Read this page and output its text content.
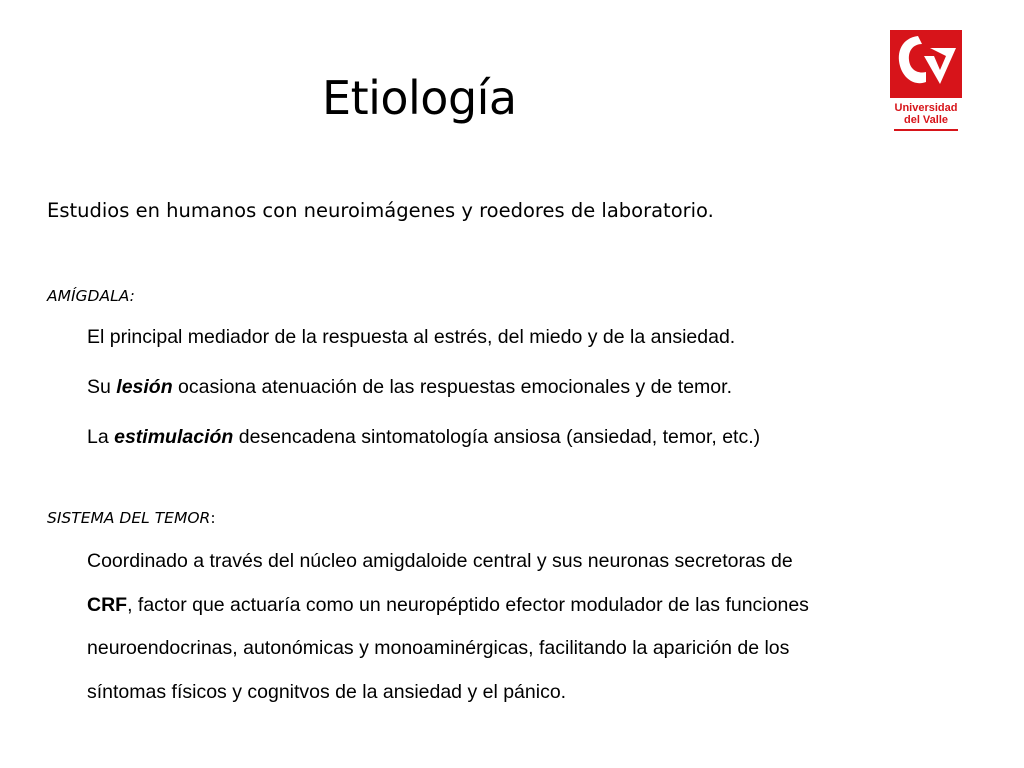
Etiología	Universidad
del Valle
Estudios en humanos con neuroimágenes y roedores de laboratorio.
AMÍGDALA:
El principal mediador de la respuesta al estrés, del miedo y de la ansiedad.
Su lesión ocasiona atenuación de las respuestas emocionales y de temor.
La estimulación desencadena sintomatología ansiosa (ansiedad, temor, etc.)
SISTEMA DEL TEMOR:
Coordinado a través del núcleo amigdaloide central y sus neuronas secretoras de
CRF, factor que actuaría como un neuropéptido efector modulador de las funciones
neuroendocrinas, autonómicas y monoaminérgicas, facilitando la aparición de los
síntomas físicos y cognitvos de la ansiedad y el pánico.
